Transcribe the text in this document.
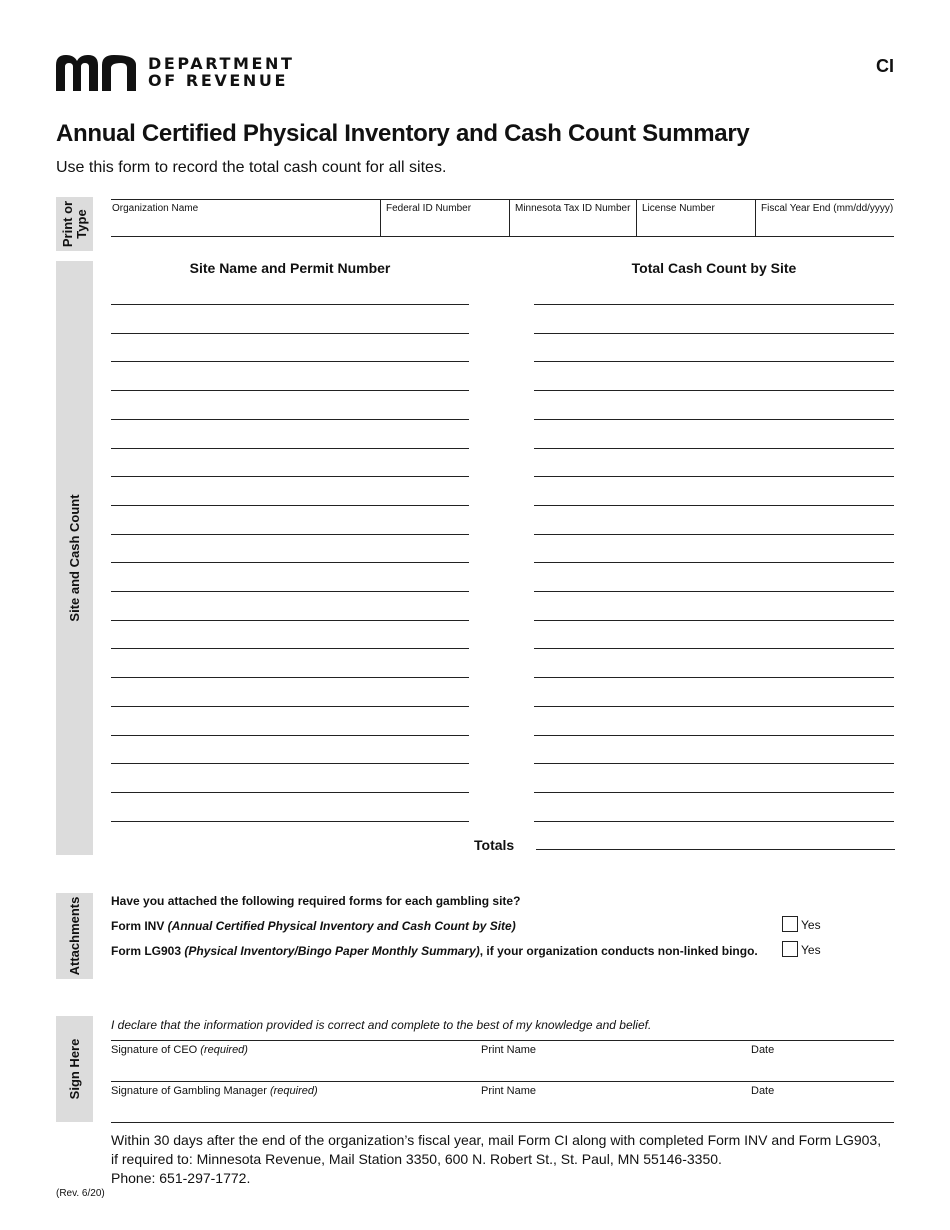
DEPARTMENT
OF REVENUE
CI
Annual Certified Physical Inventory and Cash Count Summary
Use this form to record the total cash count for all sites.
Print or Type
Organization Name	Federal ID Number	Minnesota Tax ID Number	License Number	Fiscal Year End (mm/dd/yyyy)
Site and Cash Count
Site Name and Permit Number	Total Cash Count by Site
Totals
Attachments Have you attached the following required forms for each gambling site?
Form INV (Annual Certified Physical Inventory and Cash Count by Site)	Yes
Form LG903 (Physical Inventory/Bingo Paper Monthly Summary), if your organization conducts non-linked bingo.	Yes
Sign Here
I declare that the information provided is correct and complete to the best of my knowledge and belief.
Signature of CEO (required)	Print Name	Date
Signature of Gambling Manager (required)	Print Name	Date
Within 30 days after the end of the organization’s fiscal year, mail Form CI along with completed Form INV and Form LG903,
if required to: Minnesota Revenue, Mail Station 3350, 600 N. Robert St., St. Paul, MN 55146-3350.
Phone: 651-297-1772.
(Rev. 6/20)
